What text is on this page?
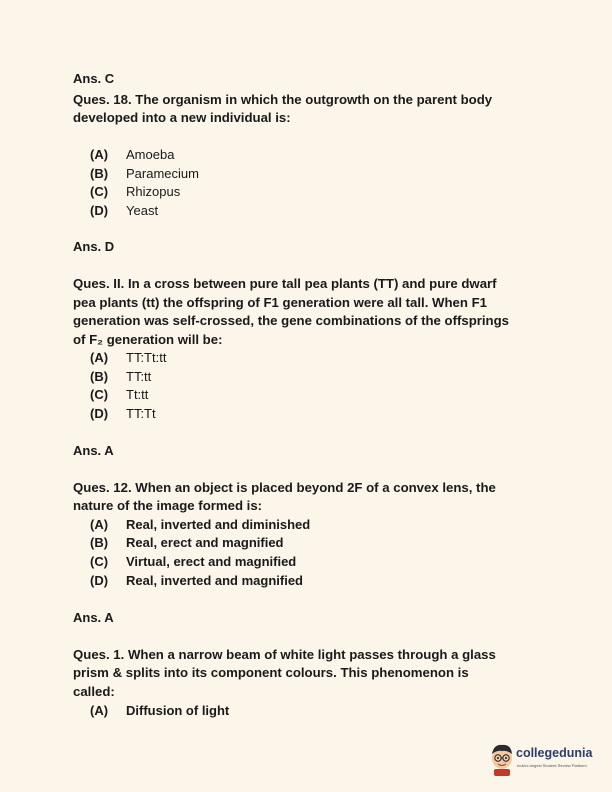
Ans. C
Ques. 18. The organism in which the outgrowth on the parent body
developed into a new individual is:
(A) Amoeba
(B) Paramecium
(C) Rhizopus
(D) Yeast
Ans. D
Ques. II. In a cross between pure tall pea plants (TT) and pure dwarf
pea plants (tt) the offspring of F1 generation were all tall. When F1
generation was self-crossed, the gene combinations of the offsprings
of F₂ generation will be:
(A) TT:Tt:tt
(B) TT:tt
(C) Tt:tt
(D) TT:Tt
Ans. A
Ques. 12. When an object is placed beyond 2F of a convex lens, the
nature of the image formed is:
(A) Real, inverted and diminished
(B) Real, erect and magnified
(C) Virtual, erect and magnified
(D) Real, inverted and magnified
Ans. A
Ques. 1. When a narrow beam of white light passes through a glass
prism & splits into its component colours. This phenomenon is
called:
(A) Diffusion of light
collegedunia
India's largest Student Review Platform
